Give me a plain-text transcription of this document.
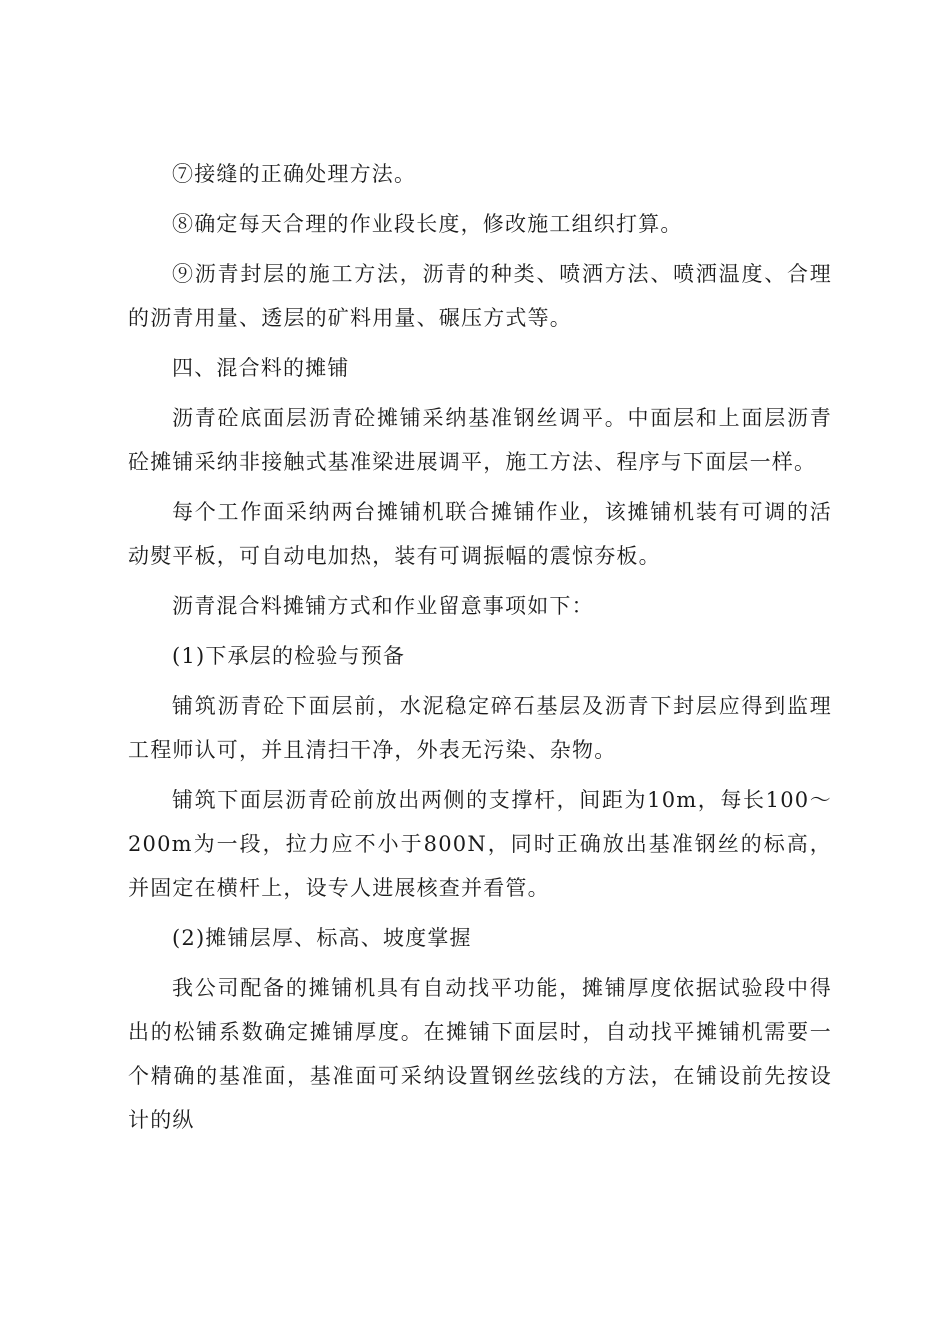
⑦接缝的正确处理方法。

⑧确定每天合理的作业段长度，修改施工组织打算。

⑨沥青封层的施工方法，沥青的种类、喷洒方法、喷洒温度、合理的沥青用量、透层的矿料用量、碾压方式等。

四、混合料的摊铺

沥青砼底面层沥青砼摊铺采纳基准钢丝调平。中面层和上面层沥青砼摊铺采纳非接触式基准梁进展调平，施工方法、程序与下面层一样。

每个工作面采纳两台摊铺机联合摊铺作业，该摊铺机装有可调的活动熨平板，可自动电加热，装有可调振幅的震惊夯板。

沥青混合料摊铺方式和作业留意事项如下：

(1)下承层的检验与预备

铺筑沥青砼下面层前，水泥稳定碎石基层及沥青下封层应得到监理工程师认可，并且清扫干净，外表无污染、杂物。

铺筑下面层沥青砼前放出两侧的支撑杆，间距为10m，每长100～200m为一段，拉力应不小于800N，同时正确放出基准钢丝的标高，并固定在横杆上，设专人进展核查并看管。

(2)摊铺层厚、标高、坡度掌握

我公司配备的摊铺机具有自动找平功能，摊铺厚度依据试验段中得出的松铺系数确定摊铺厚度。在摊铺下面层时，自动找平摊铺机需要一个精确的基准面，基准面可采纳设置钢丝弦线的方法，在铺设前先按设计的纵
